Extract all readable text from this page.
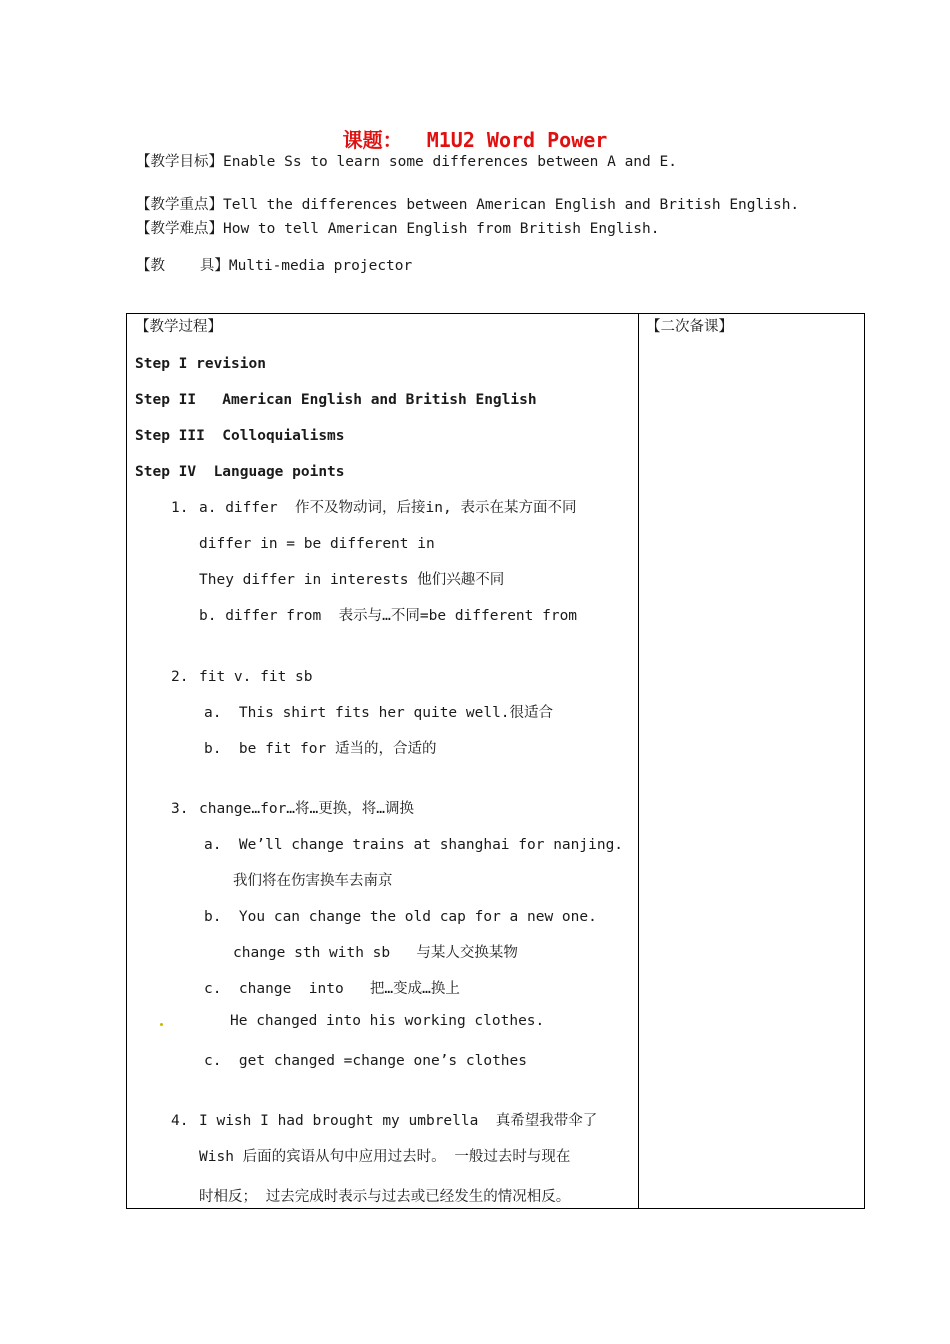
课题：  M1U2 Word Power
【教学目标】Enable Ss to learn some differences between A and E.
【教学重点】Tell the differences between American English and British English.
【教学难点】How to tell American English from British English.
【教    具】Multi-media projector
【教学过程】	【二次备课】
Step I revision
Step II   American English and British English
Step III  Colloquialisms
Step IV  Language points
1. a. differ  作不及物动词，后接in, 表示在某方面不同
differ in = be different in
They differ in interests 他们兴趣不同
b. differ from  表示与…不同=be different from
2. fit v. fit sb
a.  This shirt fits her quite well.很适合
b.  be fit for 适当的，合适的
3. change…for…将…更换，将…调换
a.  We’ll change trains at shanghai for nanjing.
我们将在伤害换车去南京
b.  You can change the old cap for a new one.
change sth with sb   与某人交换某物
c.  change  into   把…变成…换上
He changed into his working clothes.
c.  get changed =change one’s clothes
4. I wish I had brought my umbrella  真希望我带伞了
Wish 后面的宾语从句中应用过去时。 一般过去时与现在
时相反； 过去完成时表示与过去或已经发生的情况相反。
